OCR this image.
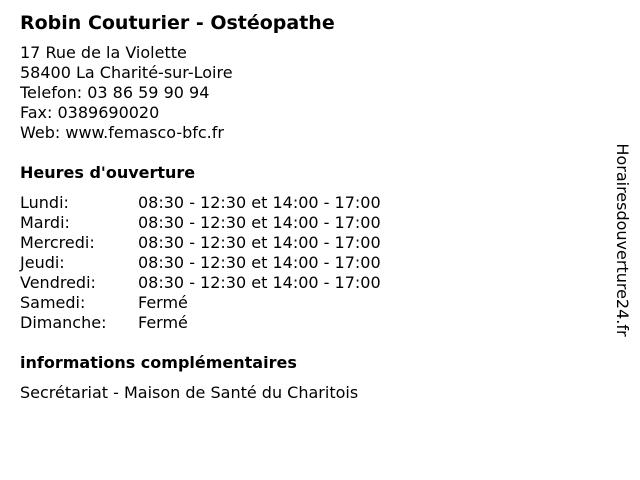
Robin Couturier - Ostéopathe
17 Rue de la Violette
58400 La Charité-sur-Loire
Telefon: 03 86 59 90 94
Fax: 0389690020
Web: www.femasco-bfc.fr
Heures d'ouverture
Lundi:	08:30 - 12:30 et 14:00 - 17:00
Mardi:	08:30 - 12:30 et 14:00 - 17:00
Mercredi:	08:30 - 12:30 et 14:00 - 17:00
Jeudi:	08:30 - 12:30 et 14:00 - 17:00
Vendredi:	08:30 - 12:30 et 14:00 - 17:00
Samedi:	Fermé
Dimanche:	Fermé
informations complémentaires
Secrétariat - Maison de Santé du Charitois
Horairesdouverture24.fr
